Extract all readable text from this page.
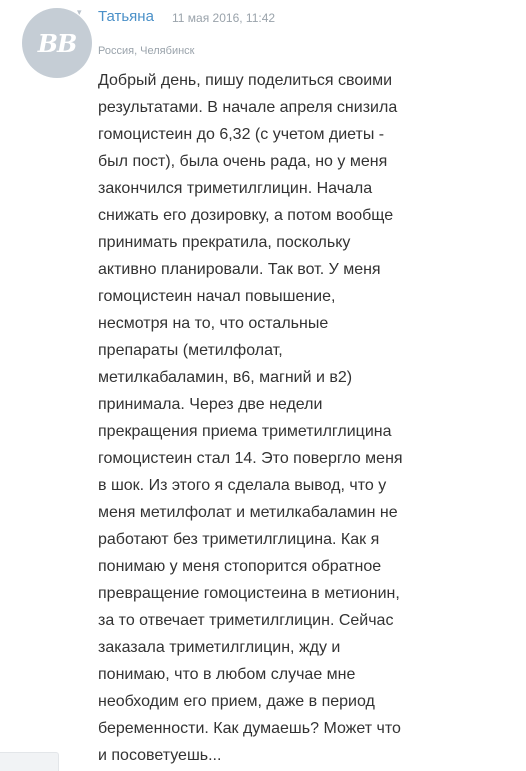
BB
▾ Татьяна 11 мая 2016, 11:42
Россия, Челябинск

Добрый день, пишу поделиться своими
результатами. В начале апреля снизила
гомоцистеин до 6,32 (с учетом диеты -
был пост), была очень рада, но у меня
закончился триметилглицин. Начала
снижать его дозировку, а потом вообще
принимать прекратила, поскольку
активно планировали. Так вот. У меня
гомоцистеин начал повышение,
несмотря на то, что остальные
препараты (метилфолат,
метилкабаламин, в6, магний и в2)
принимала. Через две недели
прекращения приема триметилглицина
гомоцистеин стал 14. Это повергло меня
в шок. Из этого я сделала вывод, что у
меня метилфолат и метилкабаламин не
работают без триметилглицина. Как я
понимаю у меня стопорится обратное
превращение гомоцистеина в метионин,
за то отвечает триметилглицин. Сейчас
заказала триметилглицин, жду и
понимаю, что в любом случае мне
необходим его прием, даже в период
беременности. Как думаешь? Может что
и посоветуешь...
